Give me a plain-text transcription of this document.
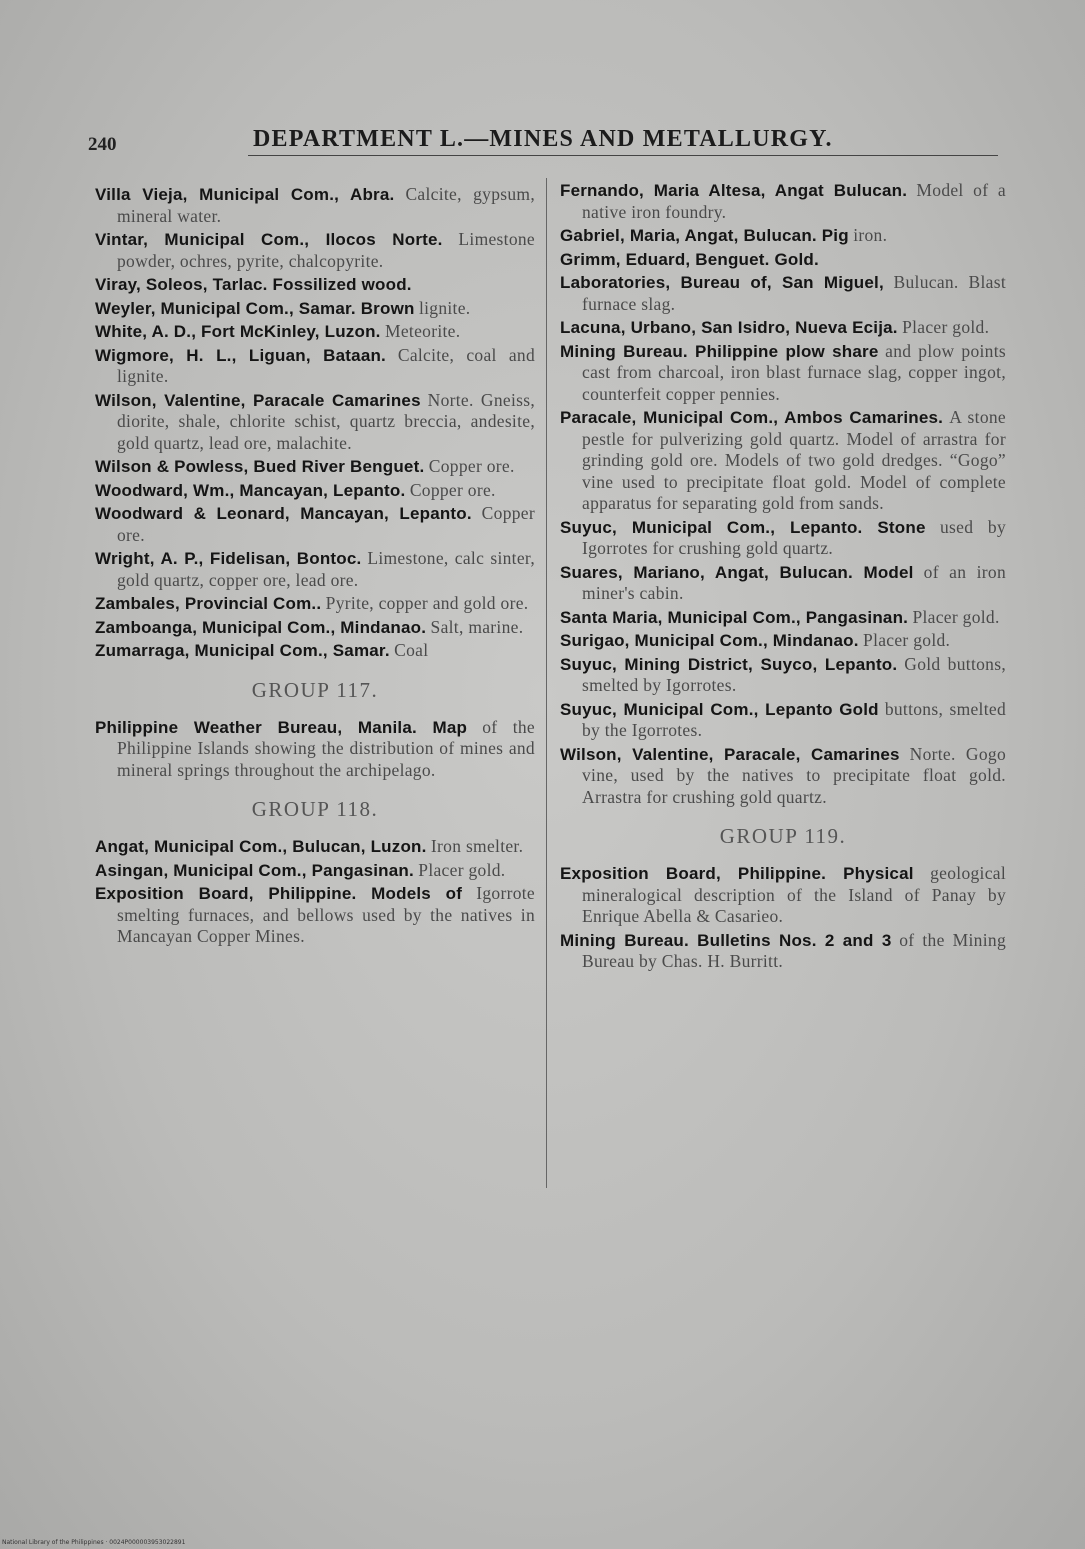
240	DEPARTMENT L.—MINES AND METALLURGY.

Villa Vieja, Municipal Com., Abra. Calcite, gypsum, mineral water.

Vintar, Municipal Com., Ilocos Norte. Limestone powder, ochres, pyrite, chalcopyrite.

Viray, Soleos, Tarlac. Fossilized wood.

Weyler, Municipal Com., Samar. Brown lignite.

White, A. D., Fort McKinley, Luzon. Meteorite.

Wigmore, H. L., Liguan, Bataan. Calcite, coal and lignite.

Wilson, Valentine, Paracale Camarines Norte. Gneiss, diorite, shale, chlorite schist, quartz breccia, andesite, gold quartz, lead ore, malachite.

Wilson & Powless, Bued River Benguet. Copper ore.

Woodward, Wm., Mancayan, Lepanto. Copper ore.

Woodward & Leonard, Mancayan, Lepanto. Copper ore.

Wright, A. P., Fidelisan, Bontoc. Limestone, calc sinter, gold quartz, copper ore, lead ore.

Zambales, Provincial Com.. Pyrite, copper and gold ore.

Zamboanga, Municipal Com., Mindanao. Salt, marine.

Zumarraga, Municipal Com., Samar. Coal

GROUP 117.

Philippine Weather Bureau, Manila. Map of the Philippine Islands showing the distribution of mines and mineral springs throughout the archipelago.

GROUP 118.

Angat, Municipal Com., Bulucan, Luzon. Iron smelter.

Asingan, Municipal Com., Pangasinan. Placer gold.

Exposition Board, Philippine. Models of Igorrote smelting furnaces, and bellows used by the natives in Mancayan Copper Mines.

Fernando, Maria Altesa, Angat Bulucan. Model of a native iron foundry.

Gabriel, Maria, Angat, Bulucan. Pig iron.

Grimm, Eduard, Benguet. Gold.

Laboratories, Bureau of, San Miguel, Bulucan. Blast furnace slag.

Lacuna, Urbano, San Isidro, Nueva Ecija. Placer gold.

Mining Bureau. Philippine plow share and plow points cast from charcoal, iron blast furnace slag, copper ingot, counterfeit copper pennies.

Paracale, Municipal Com., Ambos Camarines. A stone pestle for pulverizing gold quartz. Model of arrastra for grinding gold ore. Models of two gold dredges. “Gogo” vine used to precipitate float gold. Model of complete apparatus for separating gold from sands.

Suyuc, Municipal Com., Lepanto. Stone used by Igorrotes for crushing gold quartz.

Suares, Mariano, Angat, Bulucan. Model of an iron miner's cabin.

Santa Maria, Municipal Com., Pangasinan. Placer gold.

Surigao, Municipal Com., Mindanao. Placer gold.

Suyuc, Mining District, Suyco, Lepanto. Gold buttons, smelted by Igorrotes.

Suyuc, Municipal Com., Lepanto Gold buttons, smelted by the Igorrotes.

Wilson, Valentine, Paracale, Camarines Norte. Gogo vine, used by the natives to precipitate float gold. Arrastra for crushing gold quartz.

GROUP 119.

Exposition Board, Philippine. Physical geological mineralogical description of the Island of Panay by Enrique Abella & Casarieo.

Mining Bureau. Bulletins Nos. 2 and 3 of the Mining Bureau by Chas. H. Burritt.

National Library of the Philippines · 0024P000003953022891
